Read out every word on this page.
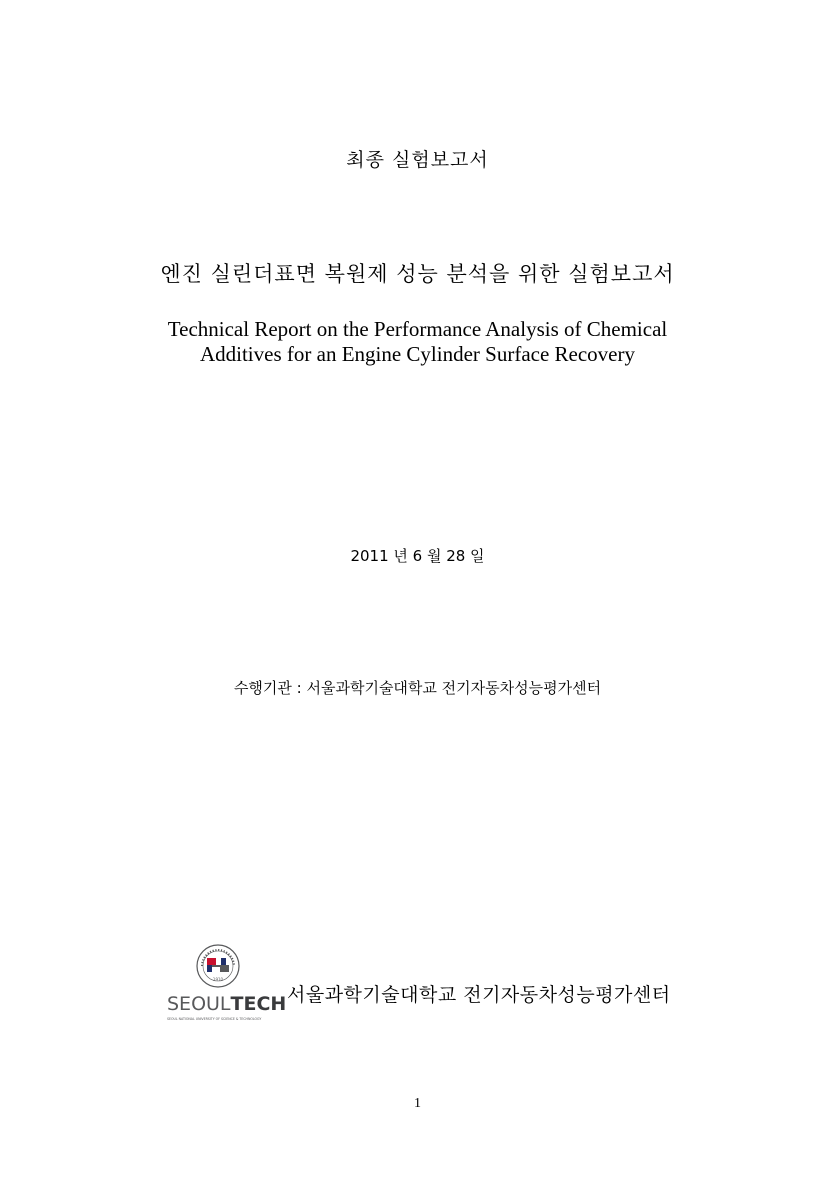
최종 실험보고서
엔진 실린더표면 복원제 성능 분석을 위한 실험보고서
Technical Report on the Performance Analysis of Chemical
Additives for an Engine Cylinder Surface Recovery
2011 년 6 월 28 일
수행기관 : 서울과학기술대학교 전기자동차성능평가센터
1910
SEOULTECH
SEOUL NATIONAL UNIVERSITY OF SCIENCE & TECHNOLOGY
서울과학기술대학교 전기자동차성능평가센터
1
